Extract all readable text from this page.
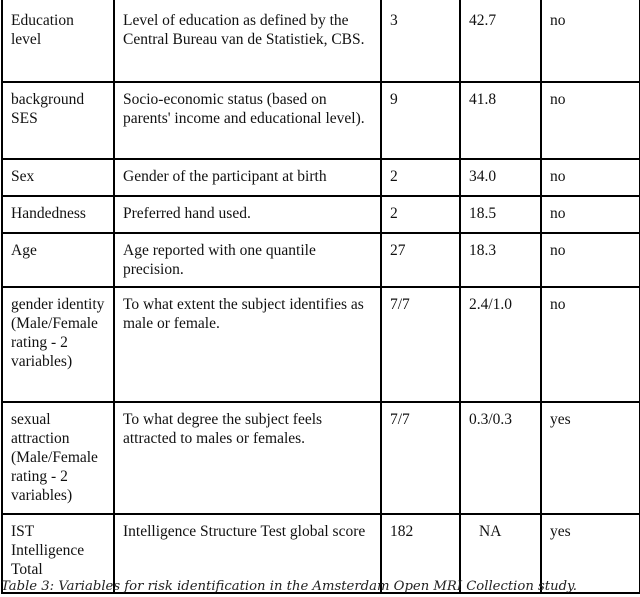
Education level	Level of education as defined by the Central Bureau van de Statistiek, CBS.	3	42.7	no
background SES	Socio-economic status (based on parents' income and educational level).	9	41.8	no
Sex	Gender of the participant at birth	2	34.0	no
Handedness	Preferred hand used.	2	18.5	no
Age	Age reported with one quantile precision.	27	18.3	no
gender identity (Male/Female rating - 2 variables)	To what extent the subject identifies as male or female.	7/7	2.4/1.0	no
sexual attraction (Male/Female rating - 2 variables)	To what degree the subject feels attracted to males or females.	7/7	0.3/0.3	yes
IST Intelligence Total	Intelligence Structure Test global score	182	NA	yes
Table 3: Variables for risk identification in the Amsterdam Open MRI Collection study.
